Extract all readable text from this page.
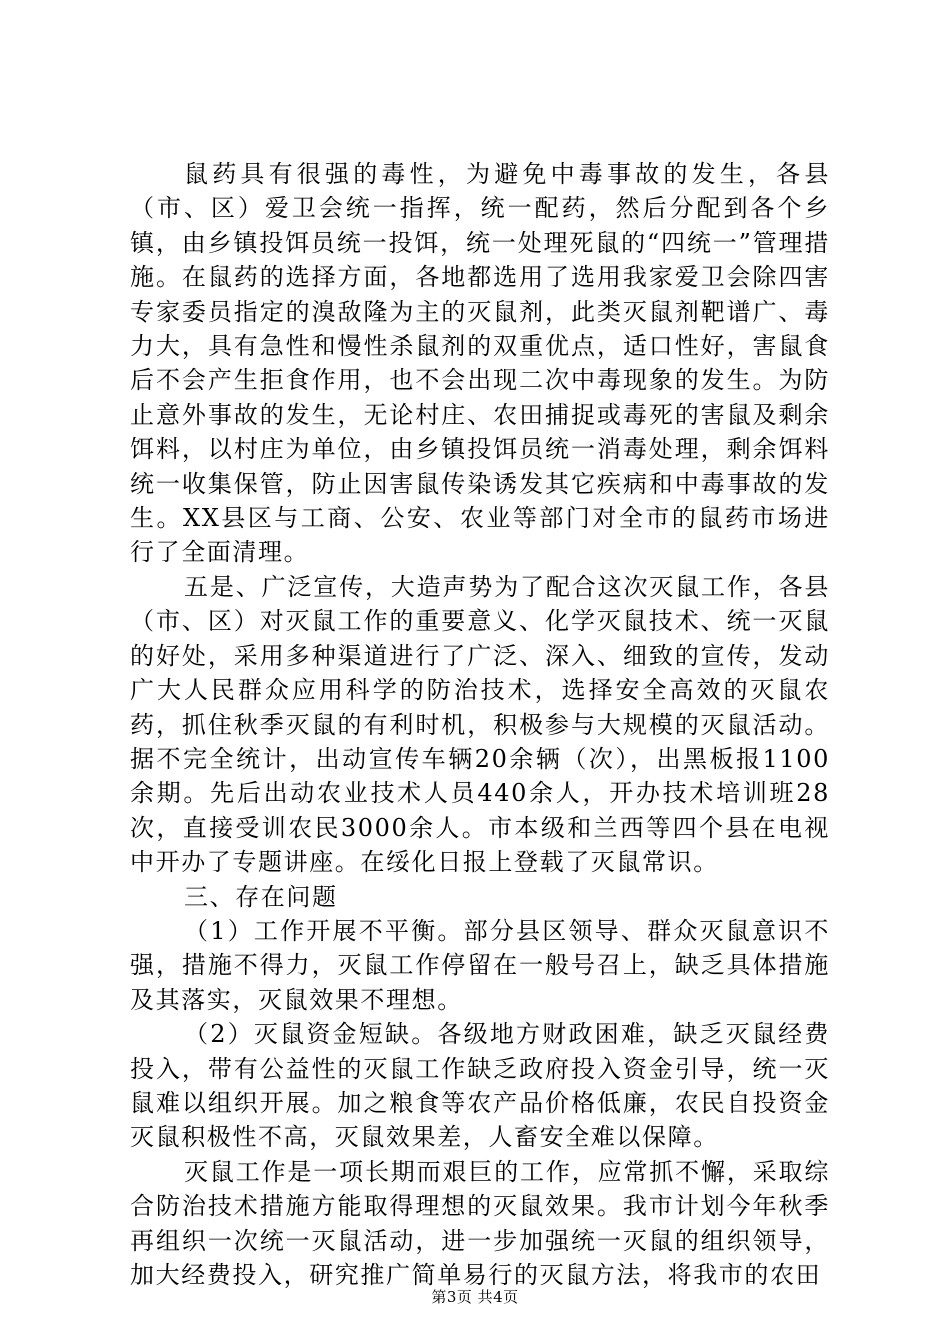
鼠药具有很强的毒性，为避免中毒事故的发生，各县（市、区）爱卫会统一指挥，统一配药，然后分配到各个乡镇，由乡镇投饵员统一投饵，统一处理死鼠的“四统一”管理措施。在鼠药的选择方面，各地都选用了选用我家爱卫会除四害专家委员指定的溴敌隆为主的灭鼠剂，此类灭鼠剂靶谱广、毒力大，具有急性和慢性杀鼠剂的双重优点，适口性好，害鼠食后不会产生拒食作用，也不会出现二次中毒现象的发生。为防止意外事故的发生，无论村庄、农田捕捉或毒死的害鼠及剩余饵料，以村庄为单位，由乡镇投饵员统一消毒处理，剩余饵料统一收集保管，防止因害鼠传染诱发其它疾病和中毒事故的发生。XX县区与工商、公安、农业等部门对全市的鼠药市场进行了全面清理。

五是、广泛宣传，大造声势为了配合这次灭鼠工作，各县（市、区）对灭鼠工作的重要意义、化学灭鼠技术、统一灭鼠的好处，采用多种渠道进行了广泛、深入、细致的宣传，发动广大人民群众应用科学的防治技术，选择安全高效的灭鼠农药，抓住秋季灭鼠的有利时机，积极参与大规模的灭鼠活动。据不完全统计，出动宣传车辆20余辆（次），出黑板报1100余期。先后出动农业技术人员440余人，开办技术培训班28次，直接受训农民3000余人。市本级和兰西等四个县在电视中开办了专题讲座。在绥化日报上登载了灭鼠常识。

三、存在问题

（1）工作开展不平衡。部分县区领导、群众灭鼠意识不强，措施不得力，灭鼠工作停留在一般号召上，缺乏具体措施及其落实，灭鼠效果不理想。

（2）灭鼠资金短缺。各级地方财政困难，缺乏灭鼠经费投入，带有公益性的灭鼠工作缺乏政府投入资金引导，统一灭鼠难以组织开展。加之粮食等农产品价格低廉，农民自投资金灭鼠积极性不高，灭鼠效果差，人畜安全难以保障。

灭鼠工作是一项长期而艰巨的工作，应常抓不懈，采取综合防治技术措施方能取得理想的灭鼠效果。我市计划今年秋季再组织一次统一灭鼠活动，进一步加强统一灭鼠的组织领导，加大经费投入，研究推广简单易行的灭鼠方法，将我市的农田

第3页 共4页
